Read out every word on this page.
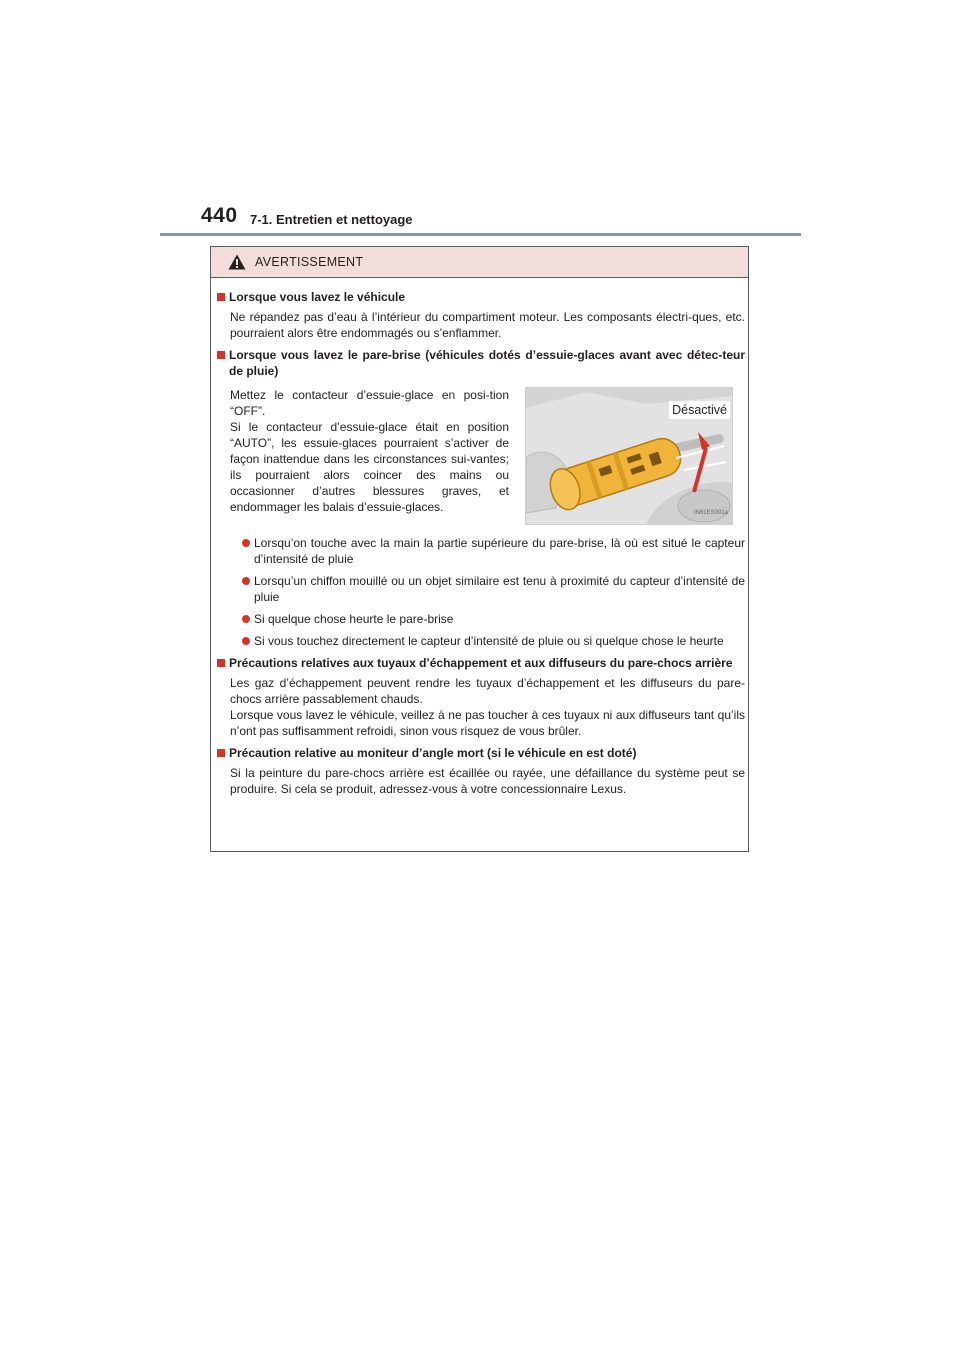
440 7-1. Entretien et nettoyage
AVERTISSEMENT
Lorsque vous lavez le véhicule

Ne répandez pas d’eau à l’intérieur du compartiment moteur. Les composants électri-ques, etc. pourraient alors être endommagés ou s’enflammer.

Lorsque vous lavez le pare-brise (véhicules dotés d’essuie-glaces avant avec détec-teur de pluie)

Mettez le contacteur d’essuie-glace en posi-tion “OFF”.

Si le contacteur d’essuie-glace était en position “AUTO”, les essuie-glaces pourraient s’activer de façon inattendue dans les circonstances sui-vantes; ils pourraient alors coincer des mains ou occasionner d’autres blessures graves, et endommager les balais d’essuie-glaces.

Désactivé
IN61ES001a
Lorsqu’on touche avec la main la partie supérieure du pare-brise, là où est situé le capteur d’intensité de pluie
Lorsqu’un chiffon mouillé ou un objet similaire est tenu à proximité du capteur d’intensité de pluie
Si quelque chose heurte le pare-brise
Si vous touchez directement le capteur d’intensité de pluie ou si quelque chose le heurte
Précautions relatives aux tuyaux d’échappement et aux diffuseurs du pare-chocs arrière

Les gaz d’échappement peuvent rendre les tuyaux d’échappement et les diffuseurs du pare-chocs arrière passablement chauds.

Lorsque vous lavez le véhicule, veillez à ne pas toucher à ces tuyaux ni aux diffuseurs tant qu’ils n’ont pas suffisamment refroidi, sinon vous risquez de vous brûler.

Précaution relative au moniteur d’angle mort (si le véhicule en est doté)

Si la peinture du pare-chocs arrière est écaillée ou rayée, une défaillance du système peut se produire. Si cela se produit, adressez-vous à votre concessionnaire Lexus.
